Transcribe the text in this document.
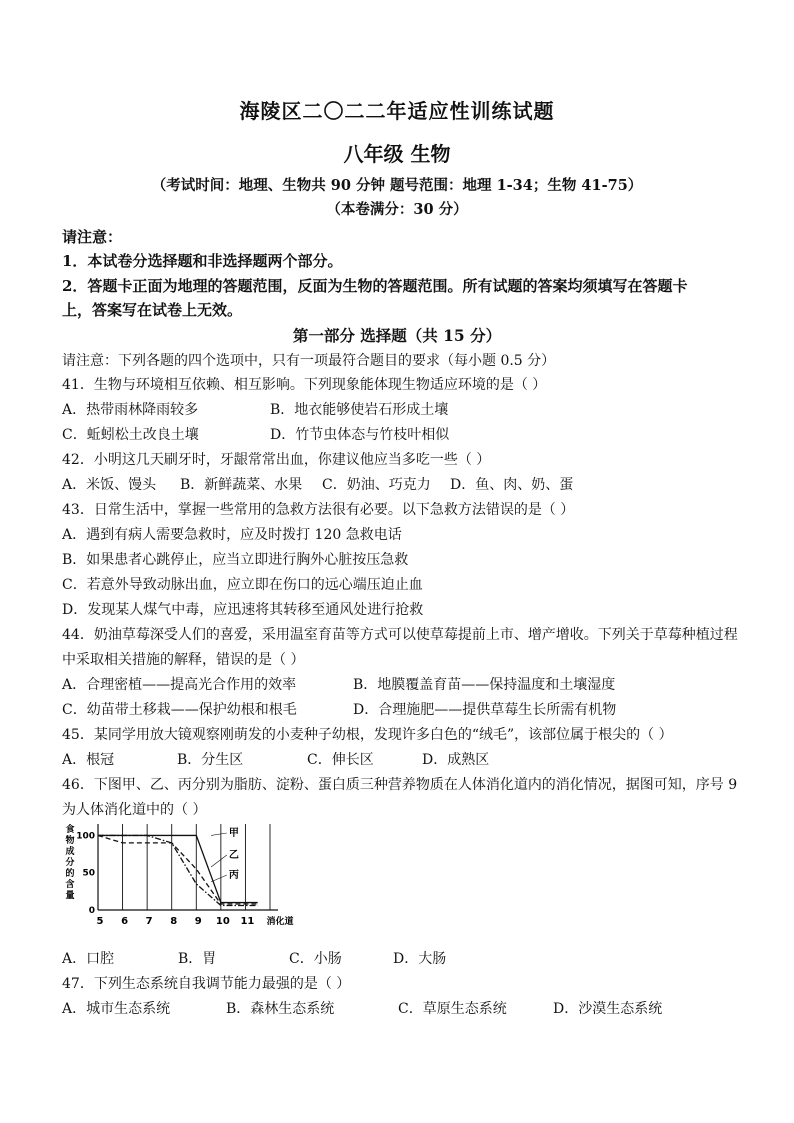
海陵区二〇二二年适应性训练试题
八年级 生物
（考试时间：地理、生物共 90 分钟 题号范围：地理 1-34；生物 41-75）
（本卷满分：30 分）
请注意：
1．本试卷分选择题和非选择题两个部分。
2．答题卡正面为地理的答题范围，反面为生物的答题范围。所有试题的答案均须填写在答题卡
上，答案写在试卷上无效。
第一部分 选择题（共 15 分）
请注意：下列各题的四个选项中，只有一项最符合题目的要求（每小题 0.5 分）
41．生物与环境相互依赖、相互影响。下列现象能体现生物适应环境的是（ ）
A．热带雨林降雨较多	B．地衣能够使岩石形成土壤
C．蚯蚓松土改良土壤	D．竹节虫体态与竹枝叶相似
42．小明这几天刷牙时，牙龈常常出血，你建议他应当多吃一些（ ）
A．米饭、馒头 B．新鲜蔬菜、水果 C．奶油、巧克力 D．鱼、肉、奶、蛋
43．日常生活中，掌握一些常用的急救方法很有必要。以下急救方法错误的是（ ）
A．遇到有病人需要急救时，应及时拨打 120 急救电话
B．如果患者心跳停止，应当立即进行胸外心脏按压急救
C．若意外导致动脉出血，应立即在伤口的远心端压迫止血
D．发现某人煤气中毒，应迅速将其转移至通风处进行抢救
44．奶油草莓深受人们的喜爱，采用温室育苗等方式可以使草莓提前上市、增产增收。下列关于草莓种植过程
中采取相关措施的解释，错误的是（ ）
A．合理密植——提高光合作用的效率	B．地膜覆盖育苗——保持温度和土壤湿度
C．幼苗带土移栽——保护幼根和根毛	D．合理施肥——提供草莓生长所需有机物
45．某同学用放大镜观察刚萌发的小麦种子幼根，发现许多白色的“绒毛”，该部位属于根尖的（ ）
A．根冠	B．分生区	C．伸长区	D．成熟区
46．下图甲、乙、丙分别为脂肪、淀粉、蛋白质三种营养物质在人体消化道内的消化情况，据图可知，序号 9
为人体消化道中的（ ）
食
物
成
分
的
含
量
100
50
0
5 6 7 8 9 10 11 消化道
甲
乙
丙
A．口腔	B．胃	C．小肠	D．大肠
47．下列生态系统自我调节能力最强的是（ ）
A．城市生态系统	B．森林生态系统	C．草原生态系统	D．沙漠生态系统
